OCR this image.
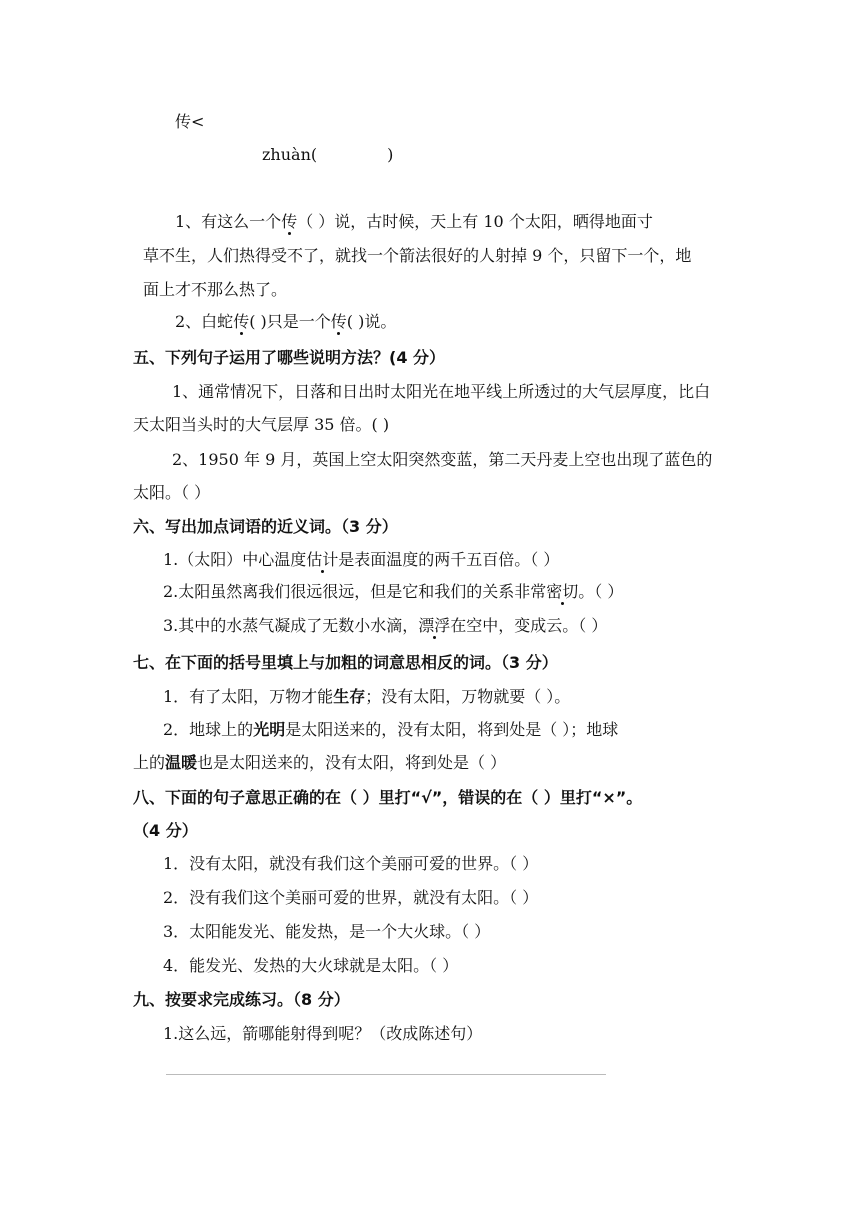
传<
zhuàn(	)
1、有这么一个传（ ）说，古时候，天上有 10 个太阳，晒得地面寸
草不生，人们热得受不了，就找一个箭法很好的人射掉 9 个，只留下一个，地
面上才不那么热了。
2、白蛇传( )只是一个传( )说。
五、下列句子运用了哪些说明方法？(4 分）
1、通常情况下，日落和日出时太阳光在地平线上所透过的大气层厚度，比白
天太阳当头时的大气层厚 35 倍。( )
2、1950 年 9 月，英国上空太阳突然变蓝，第二天丹麦上空也出现了蓝色的
太阳。（ ）
六、写出加点词语的近义词。（3 分）
1.（太阳）中心温度估计是表面温度的两千五百倍。（ ）
2.太阳虽然离我们很远很远，但是它和我们的关系非常密切。（ ）
3.其中的水蒸气凝成了无数小水滴，漂浮在空中，变成云。（ ）
七、在下面的括号里填上与加粗的词意思相反的词。（3 分）
1．有了太阳，万物才能生存；没有太阳，万物就要（ ）。
2．地球上的光明是太阳送来的，没有太阳，将到处是（ ）；地球
上的温暖也是太阳送来的，没有太阳，将到处是（ ）
八、下面的句子意思正确的在（ ）里打“√”，错误的在（ ）里打“×”。
（4 分）
1．没有太阳，就没有我们这个美丽可爱的世界。（ ）
2．没有我们这个美丽可爱的世界，就没有太阳。（ ）
3．太阳能发光、能发热，是一个大火球。（ ）
4．能发光、发热的大火球就是太阳。（ ）
九、按要求完成练习。（8 分）
1.这么远，箭哪能射得到呢？（改成陈述句）
